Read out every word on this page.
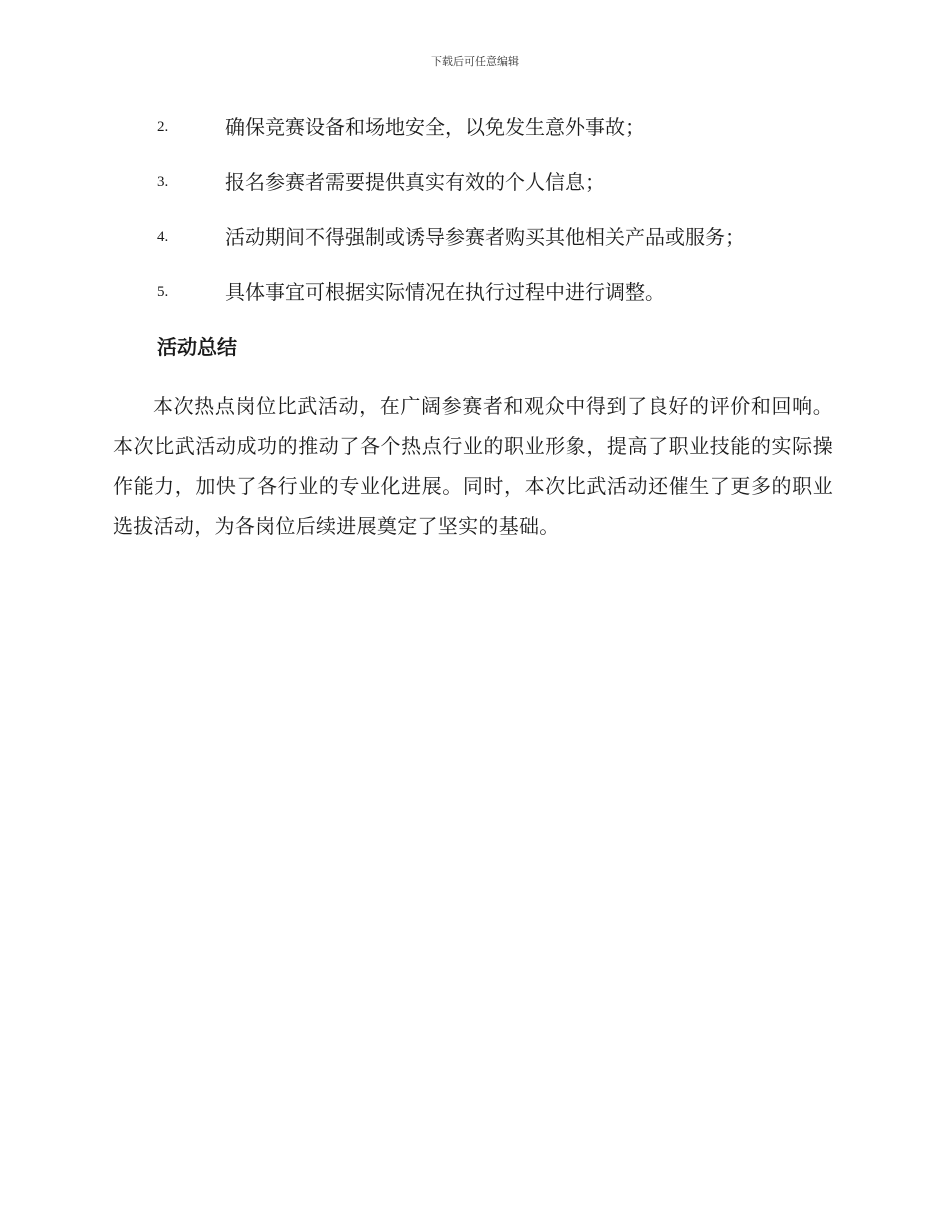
下载后可任意编辑
2.	确保竞赛设备和场地安全，以免发生意外事故；
3.	报名参赛者需要提供真实有效的个人信息；
4.	活动期间不得强制或诱导参赛者购买其他相关产品或服务；
5.	具体事宜可根据实际情况在执行过程中进行调整。
活动总结

本次热点岗位比武活动，在广阔参赛者和观众中得到了良好的评价和回响。本次比武活动成功的推动了各个热点行业的职业形象，提高了职业技能的实际操作能力，加快了各行业的专业化进展。同时，本次比武活动还催生了更多的职业选拔活动，为各岗位后续进展奠定了坚实的基础。
